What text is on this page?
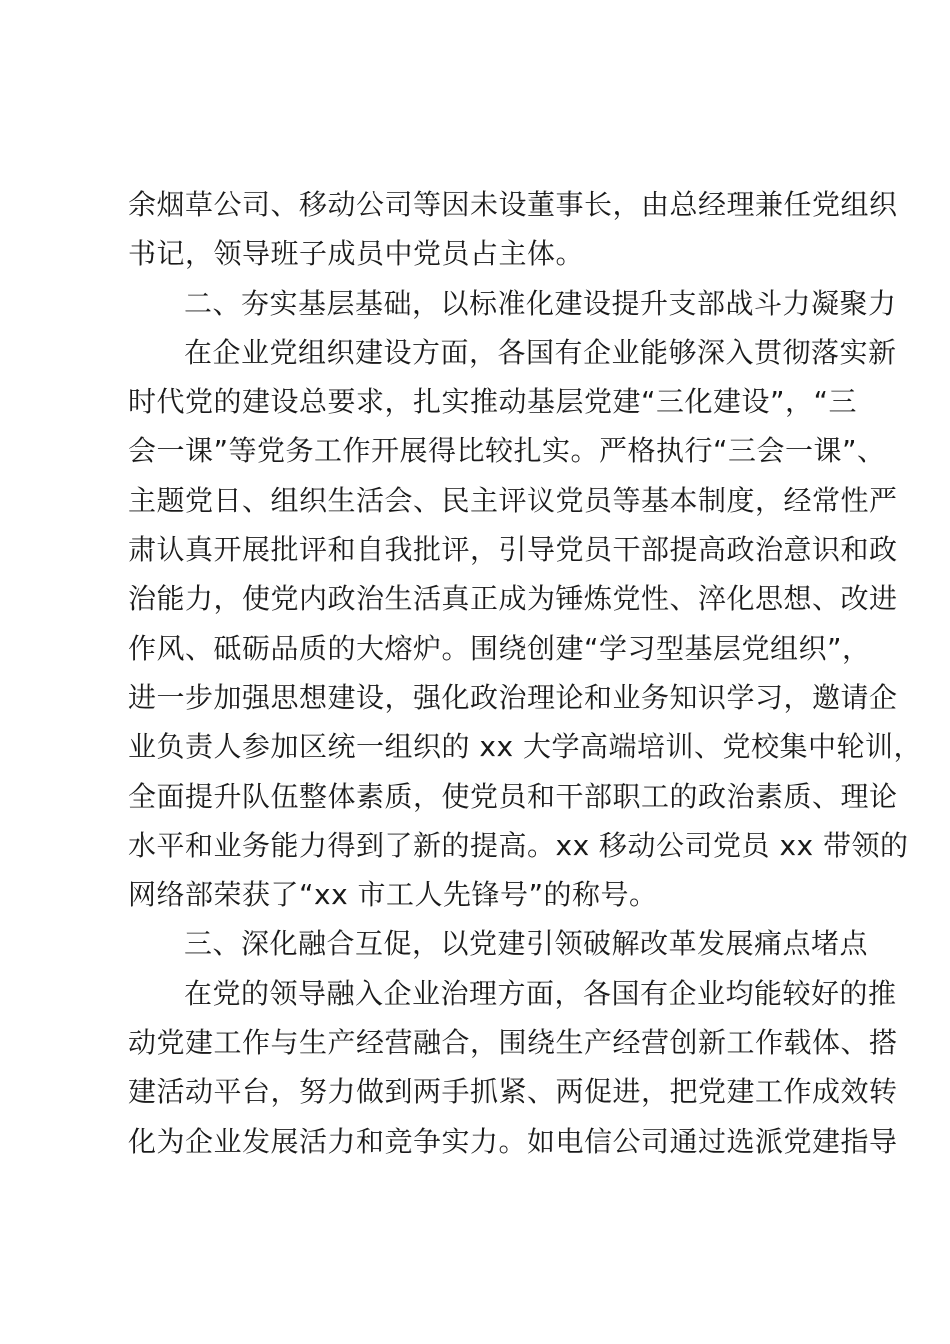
余烟草公司、移动公司等因未设董事长，由总经理兼任党组织
书记，领导班子成员中党员占主体。
二、夯实基层基础，以标准化建设提升支部战斗力凝聚力
在企业党组织建设方面，各国有企业能够深入贯彻落实新
时代党的建设总要求，扎实推动基层党建“三化建设”，“三
会一课”等党务工作开展得比较扎实。严格执行“三会一课”、
主题党日、组织生活会、民主评议党员等基本制度，经常性严
肃认真开展批评和自我批评，引导党员干部提高政治意识和政
治能力，使党内政治生活真正成为锤炼党性、淬化思想、改进
作风、砥砺品质的大熔炉。围绕创建“学习型基层党组织”，
进一步加强思想建设，强化政治理论和业务知识学习，邀请企
业负责人参加区统一组织的 xx 大学高端培训、党校集中轮训，
全面提升队伍整体素质，使党员和干部职工的政治素质、理论
水平和业务能力得到了新的提高。xx 移动公司党员 xx 带领的
网络部荣获了“xx 市工人先锋号”的称号。
三、深化融合互促，以党建引领破解改革发展痛点堵点
在党的领导融入企业治理方面，各国有企业均能较好的推
动党建工作与生产经营融合，围绕生产经营创新工作载体、搭
建活动平台，努力做到两手抓紧、两促进，把党建工作成效转
化为企业发展活力和竞争实力。如电信公司通过选派党建指导
